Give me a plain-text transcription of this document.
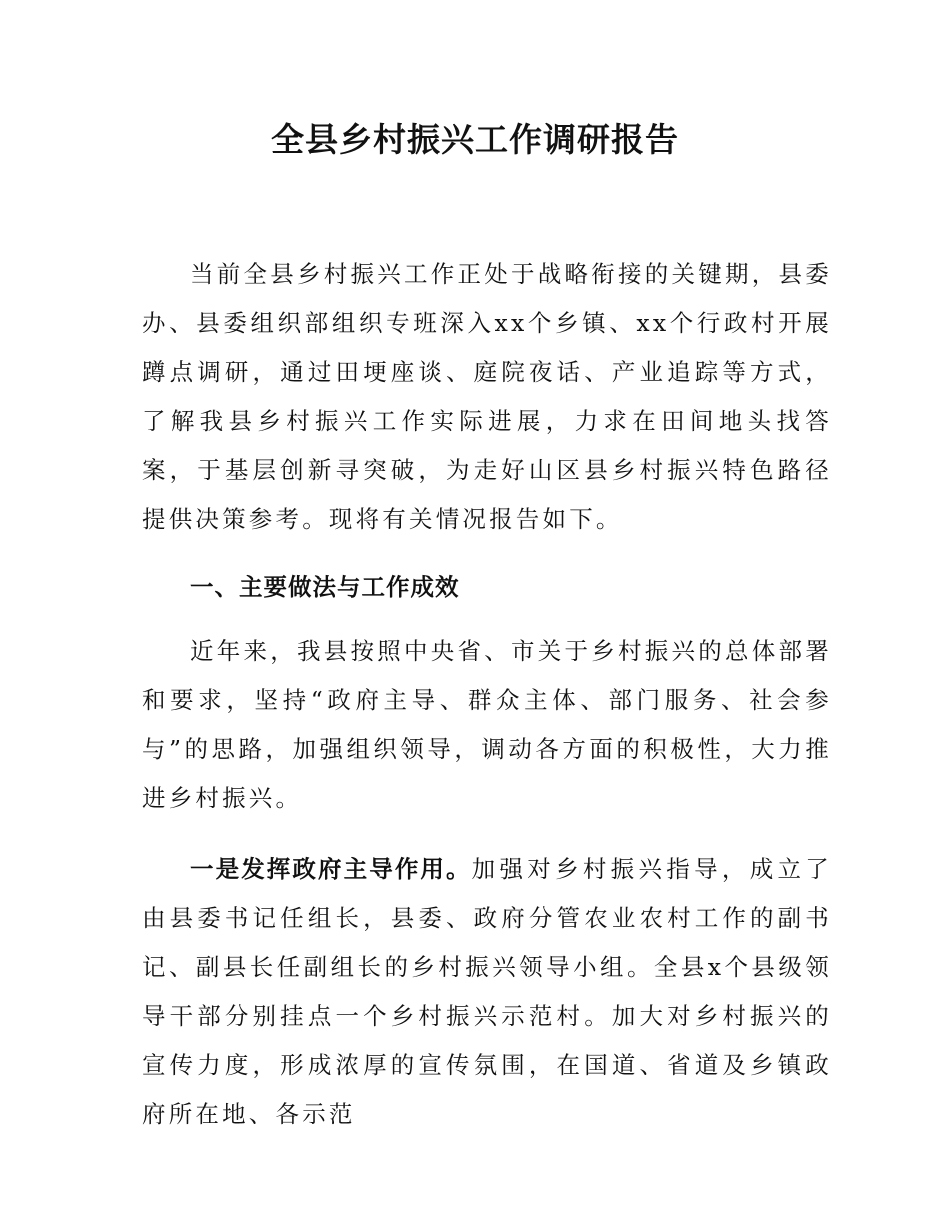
全县乡村振兴工作调研报告

当前全县乡村振兴工作正处于战略衔接的关键期，县委办、县委组织部组织专班深入xx个乡镇、xx个行政村开展蹲点调研，通过田埂座谈、庭院夜话、产业追踪等方式，了解我县乡村振兴工作实际进展，力求在田间地头找答案，于基层创新寻突破，为走好山区县乡村振兴特色路径提供决策参考。现将有关情况报告如下。

一、主要做法与工作成效

近年来，我县按照中央省、市关于乡村振兴的总体部署和要求，坚持“政府主导、群众主体、部门服务、社会参与”的思路，加强组织领导，调动各方面的积极性，大力推进乡村振兴。

一是发挥政府主导作用。加强对乡村振兴指导，成立了由县委书记任组长，县委、政府分管农业农村工作的副书记、副县长任副组长的乡村振兴领导小组。全县x个县级领导干部分别挂点一个乡村振兴示范村。加大对乡村振兴的宣传力度，形成浓厚的宣传氛围，在国道、省道及乡镇政府所在地、各示范
